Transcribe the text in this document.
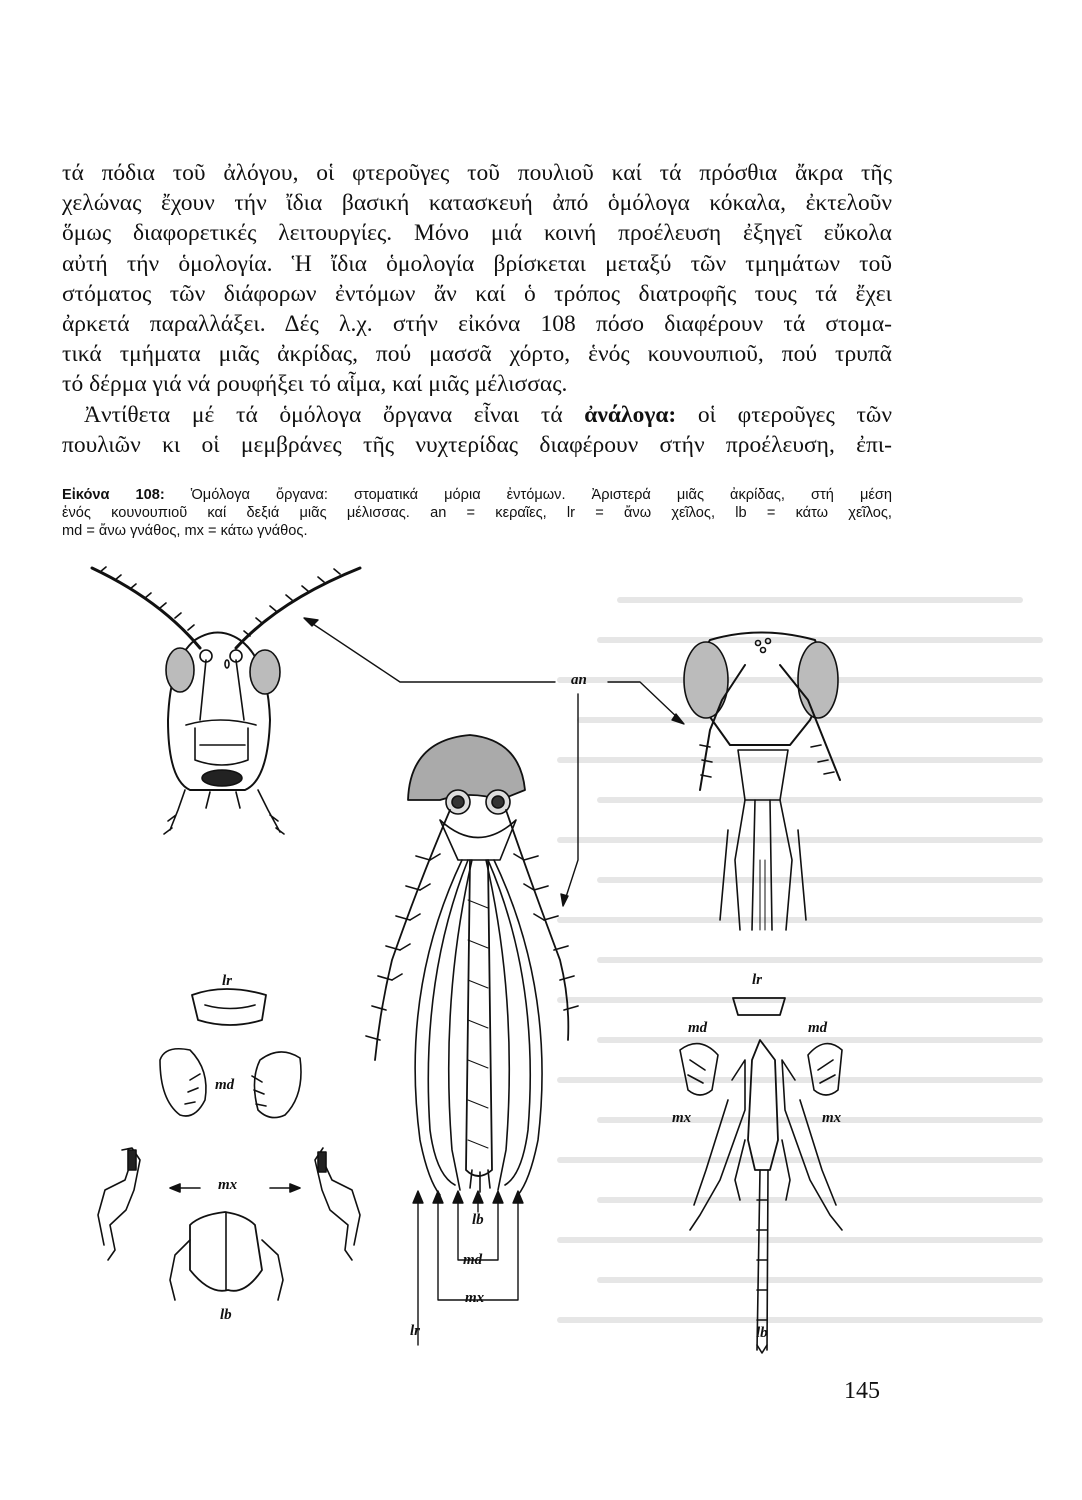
τά πόδια τοῦ ἀλόγου, οἱ φτεροῦγες τοῦ πουλιοῦ καί τά πρόσθια ἄκρα τῆς

χελώνας ἔχουν τήν ἴδια βασική κατασκευή ἀπό ὁμόλογα κόκαλα, ἐκτελοῦν

ὅμως διαφορετικές λειτουργίες. Μόνο μιά κοινή προέλευση ἐξηγεῖ εὔκολα

αὐτή τήν ὁμολογία. Ἡ ἴδια ὁμολογία βρίσκεται μεταξύ τῶν τμημάτων τοῦ

στόματος τῶν διάφορων ἐντόμων ἄν καί ὁ τρόπος διατροφῆς τους τά ἔχει

ἀρκετά παραλλάξει. Δές λ.χ. στήν εἰκόνα 108 πόσο διαφέρουν τά στομα-

τικά τμήματα μιᾶς ἀκρίδας, πού μασσᾶ χόρτο, ἑνός κουνουπιοῦ, πού τρυπᾶ

τό δέρμα γιά νά ρουφήξει τό αἷμα, καί μιᾶς μέλισσας.

Ἀντίθετα μέ τά ὁμόλογα ὄργανα εἶναι τά ἀνάλογα: οἱ φτεροῦγες τῶν

πουλιῶν κι οἱ μεμβράνες τῆς νυχτερίδας διαφέρουν στήν προέλευση, ἐπι-

Εἰκόνα 108: Ὁμόλογα ὄργανα: στοματικά μόρια ἐντόμων. Ἀριστερά μιᾶς ἀκρίδας, στή μέση

ἑνός κουνουπιοῦ καί δεξιά μιᾶς μέλισσας. an = κεραῖες, lr = ἄνω χεῖλος, lb = κάτω χεῖλος,

md = ἄνω γνάθος, mx = κάτω γνάθος.

an
lr
md
mx
lb
lb
md
mx
lr
lr
md	md
mx	mx
lb
145
